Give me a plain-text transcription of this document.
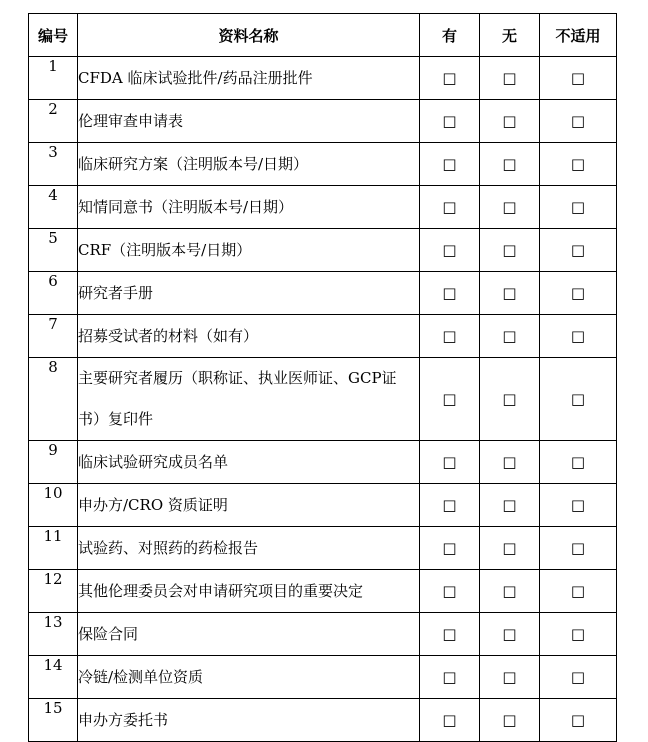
编号	资料名称	有	无	不适用
1	CFDA 临床试验批件/药品注册批件	□	□	□
2	伦理审查申请表	□	□	□
3	临床研究方案（注明版本号/日期）	□	□	□
4	知情同意书（注明版本号/日期）	□	□	□
5	CRF（注明版本号/日期）	□	□	□
6	研究者手册	□	□	□
7	招募受试者的材料（如有）	□	□	□
8	主要研究者履历（职称证、执业医师证、GCP证书）复印件	□	□	□
9	临床试验研究成员名单	□	□	□
10	申办方/CRO 资质证明	□	□	□
11	试验药、对照药的药检报告	□	□	□
12	其他伦理委员会对申请研究项目的重要决定	□	□	□
13	保险合同	□	□	□
14	冷链/检测单位资质	□	□	□
15	申办方委托书	□	□	□
